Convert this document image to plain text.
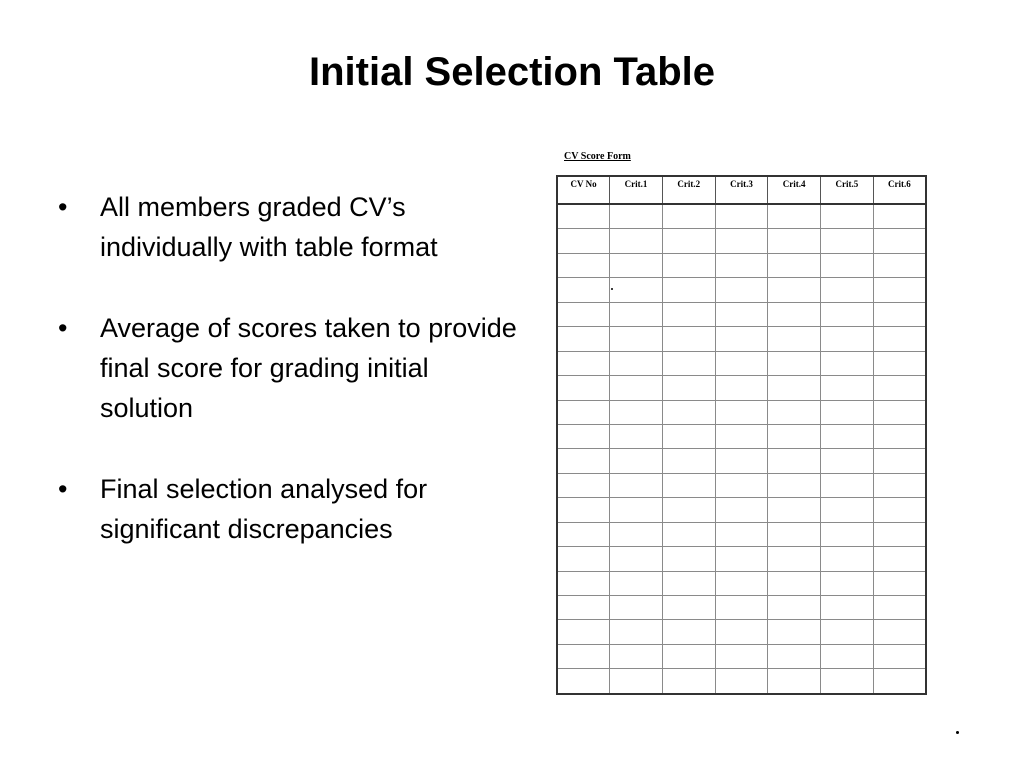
Initial Selection Table
• All members graded CV’s individually with table format
• Average of scores taken to provide final score for grading initial solution
• Final selection analysed for significant discrepancies

CV Score Form

CV No	Crit.1	Crit.2	Crit.3	Crit.4	Crit.5	Crit.6
